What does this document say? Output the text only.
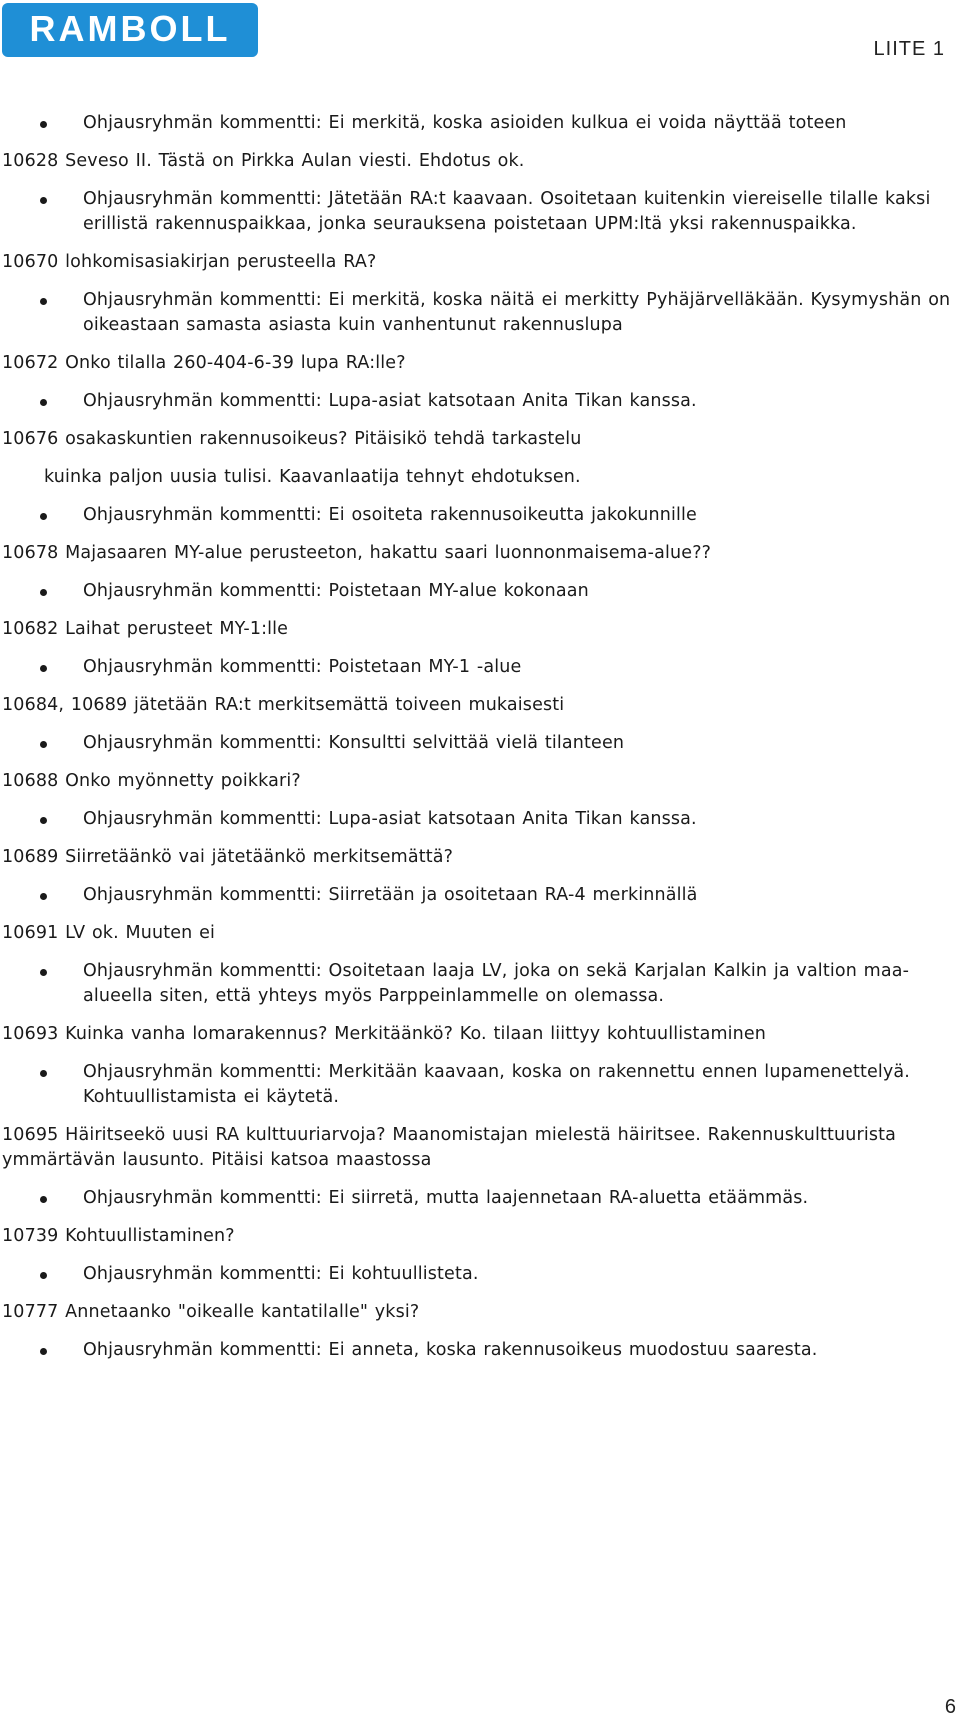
RAMBOLL	LIITE 1
Ohjausryhmän kommentti: Ei merkitä, koska asioiden kulkua ei voida näyttää toteen
10628 Seveso II. Tästä on Pirkka Aulan viesti. Ehdotus ok.
Ohjausryhmän kommentti: Jätetään RA:t kaavaan. Osoitetaan kuitenkin viereiselle tilalle kaksi erillistä rakennuspaikkaa, jonka seurauksena poistetaan UPM:ltä yksi rakennuspaikka.
10670 lohkomisasiakirjan perusteella RA?
Ohjausryhmän kommentti: Ei merkitä, koska näitä ei merkitty Pyhäjärvelläkään. Kysymyshän on oikeastaan samasta asiasta kuin vanhentunut rakennuslupa
10672 Onko tilalla 260-404-6-39 lupa RA:lle?
Ohjausryhmän kommentti: Lupa-asiat katsotaan Anita Tikan kanssa.
10676 osakaskuntien rakennusoikeus? Pitäisikö tehdä tarkastelu
kuinka paljon uusia tulisi. Kaavanlaatija tehnyt ehdotuksen.
Ohjausryhmän kommentti: Ei osoiteta rakennusoikeutta jakokunnille
10678 Majasaaren MY-alue perusteeton, hakattu saari luonnonmaisema-alue??
Ohjausryhmän kommentti: Poistetaan MY-alue kokonaan
10682 Laihat perusteet MY-1:lle
Ohjausryhmän kommentti: Poistetaan MY-1 -alue
10684, 10689 jätetään RA:t merkitsemättä toiveen mukaisesti
Ohjausryhmän kommentti: Konsultti selvittää vielä tilanteen
10688 Onko myönnetty poikkari?
Ohjausryhmän kommentti: Lupa-asiat katsotaan Anita Tikan kanssa.
10689 Siirretäänkö vai jätetäänkö merkitsemättä?
Ohjausryhmän kommentti: Siirretään ja osoitetaan RA-4 merkinnällä
10691 LV ok. Muuten ei
Ohjausryhmän kommentti: Osoitetaan laaja LV, joka on sekä Karjalan Kalkin ja valtion maa-alueella siten, että yhteys myös Parppeinlammelle on olemassa.
10693 Kuinka vanha lomarakennus? Merkitäänkö? Ko. tilaan liittyy kohtuullistaminen
Ohjausryhmän kommentti: Merkitään kaavaan, koska on rakennettu ennen lupamenettelyä. Kohtuullistamista ei käytetä.
10695 Häiritseekö uusi RA kulttuuriarvoja? Maanomistajan mielestä häiritsee. Rakennuskulttuurista ymmärtävän lausunto. Pitäisi katsoa maastossa
Ohjausryhmän kommentti: Ei siirretä, mutta laajennetaan RA-aluetta etäämmäs.
10739 Kohtuullistaminen?
Ohjausryhmän kommentti: Ei kohtuullisteta.
10777 Annetaanko "oikealle kantatilalle" yksi?
Ohjausryhmän kommentti: Ei anneta, koska rakennusoikeus muodostuu saaresta.
6
